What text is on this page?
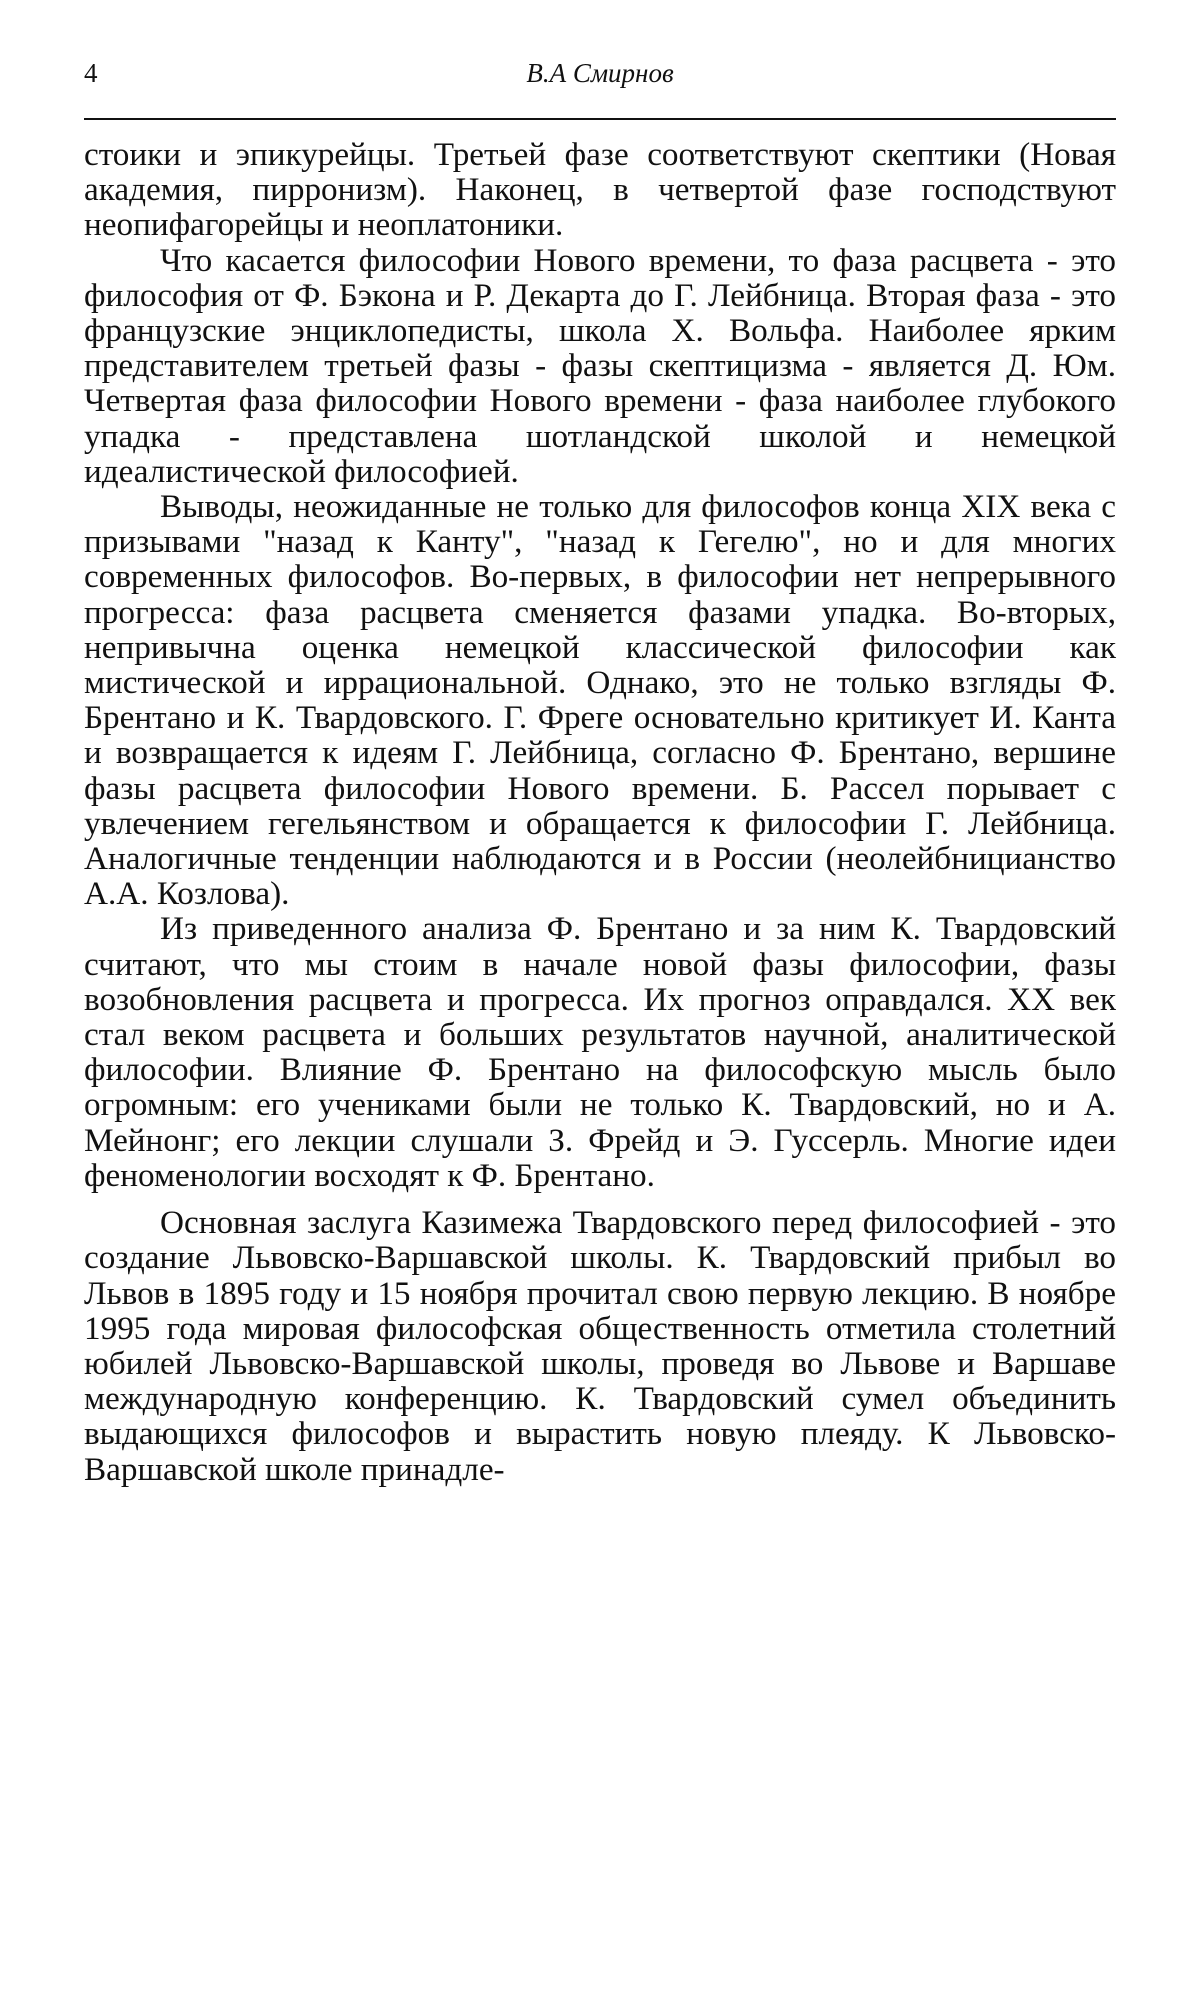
4	В.А Смирнов

стоики и эпикурейцы. Третьей фазе соответствуют скептики (Новая академия, пирронизм). Наконец, в четвертой фазе господствуют неопифагорейцы и неоплатоники.

Что касается философии Нового времени, то фаза расцвета - это философия от Ф. Бэкона и Р. Декарта до Г. Лейбница. Вторая фаза - это французские энциклопедисты, школа Х. Вольфа. Наиболее ярким представителем третьей фазы - фазы скептицизма - является Д. Юм. Четвертая фаза философии Нового времени - фаза наиболее глубокого упадка - представлена шотландской школой и немецкой идеалистической философией.

Выводы, неожиданные не только для философов конца XIX века с призывами "назад к Канту", "назад к Гегелю", но и для многих современных философов. Во-первых, в философии нет непрерывного прогресса: фаза расцвета сменяется фазами упадка. Во-вторых, непривычна оценка немецкой классической философии как мистической и иррациональной. Однако, это не только взгляды Ф. Брентано и К. Твардовского. Г. Фреге основательно критикует И. Канта и возвращается к идеям Г. Лейбница, согласно Ф. Брентано, вершине фазы расцвета философии Нового времени. Б. Рассел порывает с увлечением гегельянством и обращается к философии Г. Лейбница. Аналогичные тенденции наблюдаются и в России (неолейбницианство А.А. Козлова).

Из приведенного анализа Ф. Брентано и за ним К. Твардовский считают, что мы стоим в начале новой фазы философии, фазы возобновления расцвета и прогресса. Их прогноз оправдался. XX век стал веком расцвета и больших результатов научной, аналитической философии. Влияние Ф. Брентано на философскую мысль было огромным: его учениками были не только К. Твардовский, но и А. Мейнонг; его лекции слушали З. Фрейд и Э. Гуссерль. Многие идеи феноменологии восходят к Ф. Брентано.

Основная заслуга Казимежа Твардовского перед философией - это создание Львовско-Варшавской школы. К. Твардовский прибыл во Львов в 1895 году и 15 ноября прочитал свою первую лекцию. В ноябре 1995 года мировая философская общественность отметила столетний юбилей Львовско-Варшавской школы, проведя во Львове и Варшаве международную конференцию. К. Твардовский сумел объединить выдающихся философов и вырастить новую плеяду. К Львовско-Варшавской школе принадле-
